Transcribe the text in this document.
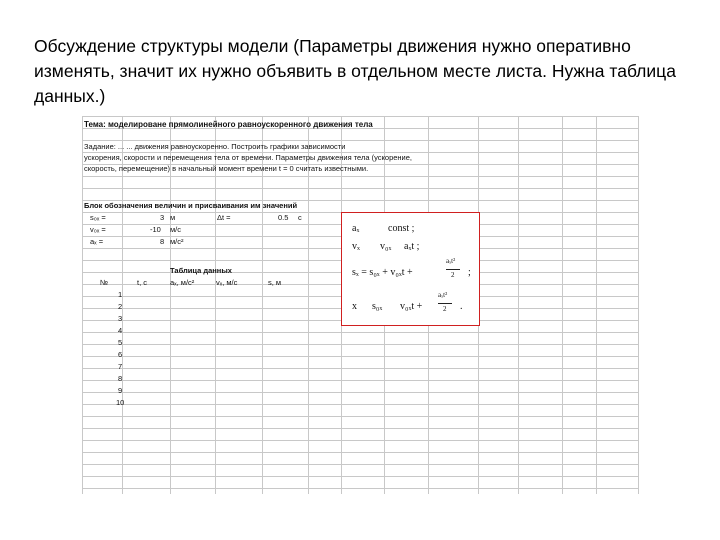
Обсуждение структуры модели (Параметры движения нужно оперативно изменять, значит их нужно объявить в отдельном месте листа. Нужна таблица данных.)
Тема: моделироване прямолинейного равноускоренного движения тела
Задание: ... ... движения равноускоренно. Построить графики зависимости
ускорения, скорости и перемещения тела от времени. Параметры движения тела (ускорение,
скорость, перемещение) в начальный момент времени t = 0 считать известными.
Блок обозначения величин и присваивания им значений
s₀ₓ =	3 м
v₀ₓ =	-10 м/с
aₓ =	8 м/с²
Δt =	0.5 с
Таблица данных
№	t, с	aₓ, м/с²	vₓ, м/с	s, м
1
2
3
4
5
6
7
8
9
10
aₓ	const ;
vₓ v₀ₓ aₓt ;
sₓ = s₀ₓ + v₀ₓt +
aₓt²
2 ;
x s₀ₓ v₀ₓt +
aₓt²
2 .
